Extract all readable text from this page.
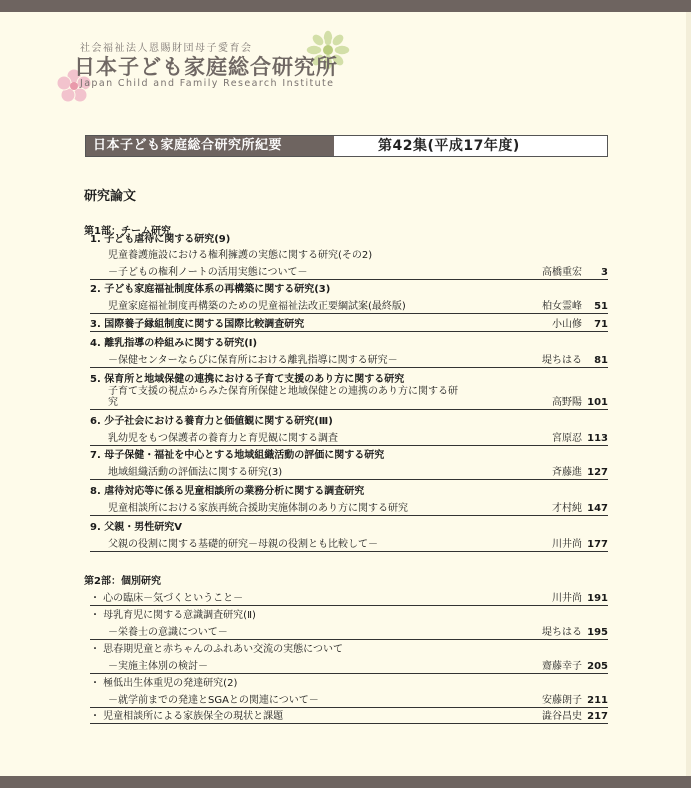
社会福祉法人恩賜財団母子愛育会
日本子ども家庭総合研究所
Japan Child and Family Research Institute
日本子ども家庭総合研究所紀要	第42集(平成17年度)
研究論文
第1部：チーム研究
第2部：個別研究
1. 子ども虐待に関する研究(9)
児童養護施設における権利擁護の実態に関する研究(その2)
－子どもの権利ノートの活用実態について－	高橋重宏	3
2. 子ども家庭福祉制度体系の再構築に関する研究(3)
児童家庭福祉制度再構築のための児童福祉法改正要綱試案(最終版)	柏女霊峰	51
3. 国際養子縁組制度に関する国際比較調査研究	小山修	71
4. 離乳指導の枠組みに関する研究(Ⅰ)
－保健センターならびに保育所における離乳指導に関する研究－	堤ちはる	81
5. 保育所と地域保健の連携における子育て支援のあり方に関する研究
子育て支援の視点からみた保育所保健と地域保健との連携のあり方に関する研
究	高野陽 101
6. 少子社会における養育力と価値観に関する研究(Ⅲ)
乳幼児をもつ保護者の養育力と育児観に関する調査	宮原忍 113
7. 母子保健・福祉を中心とする地域組織活動の評価に関する研究
地域組織活動の評価法に関する研究(3)	斉藤進 127
8. 虐待対応等に係る児童相談所の業務分析に関する調査研究
児童相談所における家族再統合援助実施体制のあり方に関する研究	才村純 147
9. 父親・男性研究Ⅴ
父親の役割に関する基礎的研究－母親の役割とも比較して－	川井尚 177
・ 心の臨床－気づくということ－	川井尚 191
・ 母乳育児に関する意識調査研究(Ⅱ)
－栄養士の意識について－	堤ちはる 195
・ 思春期児童と赤ちゃんのふれあい交流の実態について
－実施主体別の検討－	齋藤幸子 205
・ 極低出生体重児の発達研究(2)
－就学前までの発達とSGAとの関連について－	安藤朗子 211
・ 児童相談所による家族保全の現状と課題	澁谷昌史 217
